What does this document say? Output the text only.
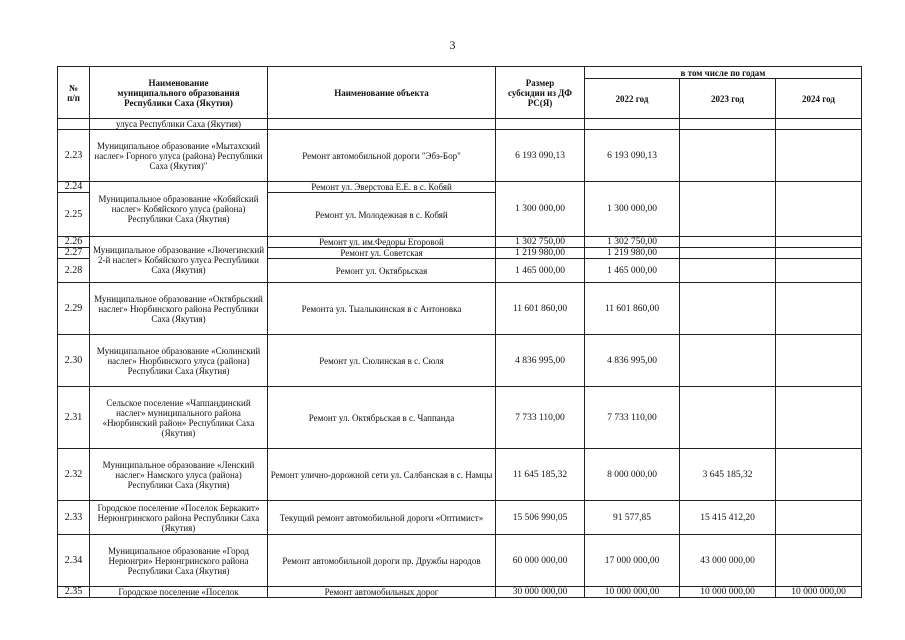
3
№
п/п	Наименование
муниципального образования
Республики Саха (Якутия)	Наименование объекта	Размер
субсидии из ДФ
РС(Я)	в том числе по годам		
				2022 год	2023 год	2024 год
	улуса Республики Саха (Якутия)					
2.23	Муниципальное образование «Мытахский наслег» Горного улуса (района) Республики Саха (Якутия)"	Ремонт автомобильной дороги "Эбэ-Бор"	6 193 090,13	6 193 090,13		
2.24	Муниципальное образование «Кобяйский наслег» Кобяйского улуса (района) Республики Саха (Якутия)	Ремонт ул. Эверстова Е.Е. в с. Кобяй	1 300 000,00	1 300 000,00		
2.25		Ремонт ул. Молодежная в с. Кобяй				
2.26	Муниципальное образование «Лючегинский 2-й наслег» Кобяйского улуса Республики Саха (Якутия)	Ремонт ул. им.Федоры Егоровой	1 302 750,00	1 302 750,00		
2.27		Ремонт ул. Советская	1 219 980,00	1 219 980,00		
2.28		Ремонт ул. Октябрьская	1 465 000,00	1 465 000,00		
2.29	Муниципальное образование «Октябрьский наслег» Нюрбинского района Республики Саха (Якутия)	Ремонта ул. Тыалыкинская в с Антоновка	11 601 860,00	11 601 860,00		
2.30	Муниципальное образование «Сюлинский наслег» Нюрбинского улуса (района) Республики Саха (Якутия)	Ремонт ул. Сюлинская в с. Сюля	4 836 995,00	4 836 995,00		
2.31	Сельское поселение «Чаппандинский наслег» муниципального района «Нюрбинский район» Республики Саха (Якутия)	Ремонт ул. Октябрьская в с. Чаппанда	7 733 110,00	7 733 110,00		
2.32	Муниципальное образование «Ленский наслег» Намского улуса (района) Республики Саха (Якутия)	Ремонт улично-дорожной сети ул. Салбанская в с. Намцы	11 645 185,32	8 000 000,00	3 645 185,32	
2.33	Городское поселение «Поселок Беркакит» Нерюнгринского района Республики Саха (Якутия)	Текущий ремонт автомобильной дороги «Оптимист»	15 506 990,05	91 577,85	15 415 412,20	
2.34	Муниципальное образование «Город Нерюнгри» Нерюнгринского района Республики Саха (Якутия)	Ремонт автомобильной дороги пр. Дружбы народов	60 000 000,00	17 000 000,00	43 000 000,00	
2.35	Городское поселение «Поселок	Ремонт автомобильных дорог	30 000 000,00	10 000 000,00	10 000 000,00	10 000 000,00
